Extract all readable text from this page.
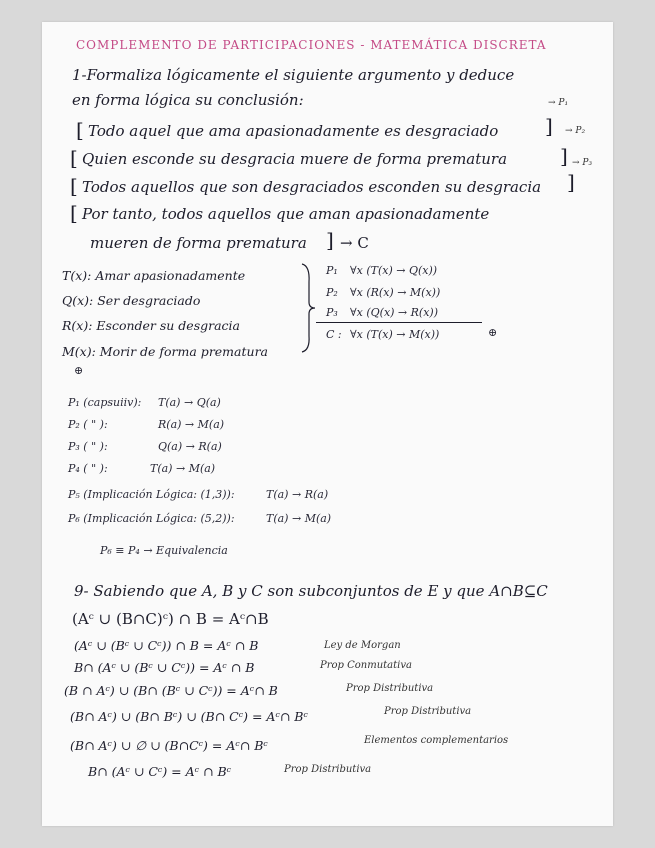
COMPLEMENTO DE PARTICIPACIONES - MATEMÁTICA DISCRETA
1-Formaliza lógicamente el siguiente argumento y deduce
en forma lógica su conclusión:	→ P₁
→ P₂
→ P₃
[ Todo aquel que ama apasionadamente es desgraciado ]
[ Quien esconde su desgracia muere de forma prematura	]
[ Todos aquellos que son desgraciados esconden su desgracia ]
[ Por tanto, todos aquellos que aman apasionadamente
mueren de forma prematura ] → C
T(x): Amar apasionadamente
Q(x): Ser desgraciado
R(x): Esconder su desgracia
M(x): Morir de forma prematura
P₁ ∀x (T(x) → Q(x))
P₂ ∀x (R(x) → M(x))
P₃ ∀x (Q(x) → R(x))
C : ∀x (T(x) → M(x))	⊕
⊕
P₁ (capsuiiv): T(a) → Q(a)
P₂ ( " ):	R(a) → M(a)
P₃ ( " ):	Q(a) → R(a)
P₄ ( " ):	T(a) → M(a)
P₅ (Implicación Lógica: (1,3)):	T(a) → R(a)
P₆ (Implicación Lógica: (5,2)):	T(a) → M(a)
P₆ ≡ P₄ → Equivalencia
9- Sabiendo que A, B y C son subconjuntos de E y que A∩B⊆C
(Aᶜ ∪ (B∩C)ᶜ) ∩ B = Aᶜ∩B
(Aᶜ ∪ (Bᶜ ∪ Cᶜ)) ∩ B = Aᶜ ∩ B	Ley de Morgan
B∩ (Aᶜ ∪ (Bᶜ ∪ Cᶜ)) = Aᶜ ∩ B	Prop Conmutativa
(B ∩ Aᶜ) ∪ (B∩ (Bᶜ ∪ Cᶜ)) = Aᶜ∩ B	Prop Distributiva
(B∩ Aᶜ) ∪ (B∩ Bᶜ) ∪ (B∩ Cᶜ) = Aᶜ∩ Bᶜ	Prop Distributiva
(B∩ Aᶜ) ∪ ∅ ∪ (B∩Cᶜ) = Aᶜ∩ Bᶜ	Elementos complementarios
B∩ (Aᶜ ∪ Cᶜ) = Aᶜ ∩ Bᶜ	Prop Distributiva
